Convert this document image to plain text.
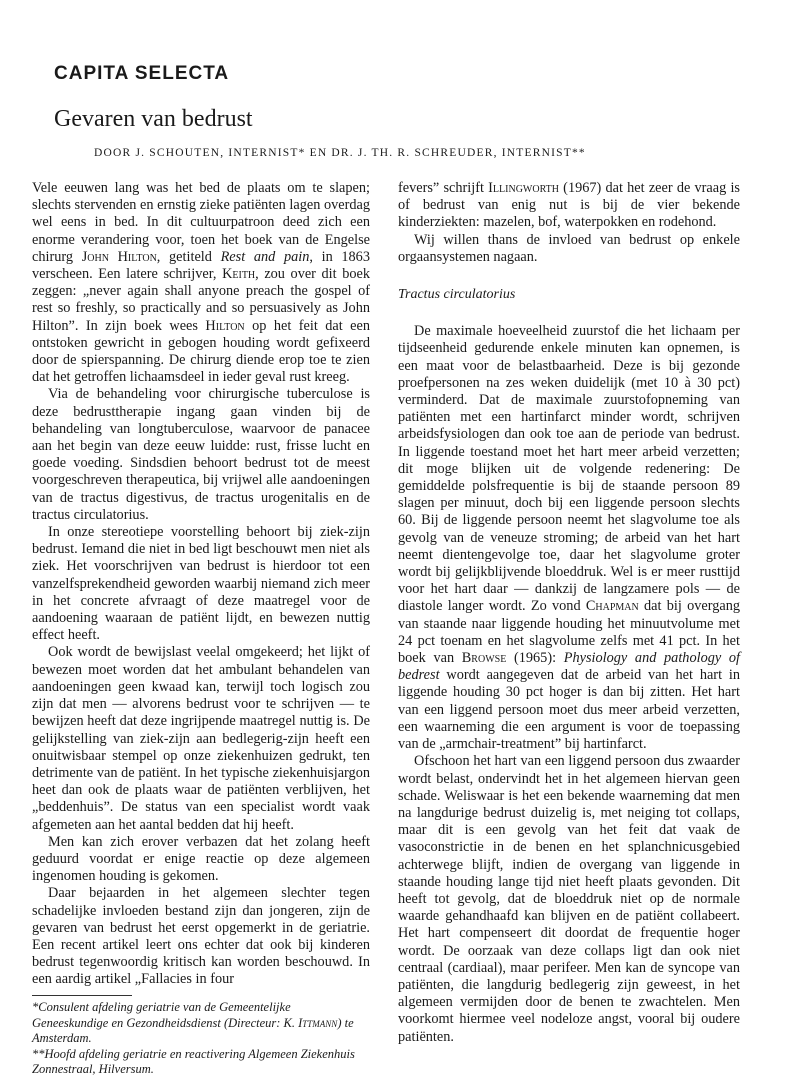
CAPITA SELECTA
Gevaren van bedrust

DOOR J. SCHOUTEN, INTERNIST* EN DR. J. TH. R. SCHREUDER, INTERNIST**

Vele eeuwen lang was het bed de plaats om te slapen; slechts stervenden en ernstig zieke patiënten lagen overdag wel eens in bed. In dit cultuurpatroon deed zich een enorme verandering voor, toen het boek van de Engelse chirurg John Hilton, getiteld Rest and pain, in 1863 verscheen. Een latere schrijver, Keith, zou over dit boek zeggen: „never again shall anyone preach the gospel of rest so freshly, so practically and so persuasively as John Hilton”. In zijn boek wees Hilton op het feit dat een ontstoken gewricht in gebogen houding wordt gefixeerd door de spierspanning. De chirurg diende erop toe te zien dat het getroffen lichaamsdeel in ieder geval rust kreeg.

Via de behandeling voor chirurgische tuberculose is deze bedrusttherapie ingang gaan vinden bij de behandeling van longtuberculose, waarvoor de panacee aan het begin van deze eeuw luidde: rust, frisse lucht en goede voeding. Sindsdien behoort bedrust tot de meest voorgeschreven therapeutica, bij vrijwel alle aandoeningen van de tractus digestivus, de tractus urogenitalis en de tractus circulatorius.

In onze stereotiepe voorstelling behoort bij ziek-zijn bedrust. Iemand die niet in bed ligt beschouwt men niet als ziek. Het voorschrijven van bedrust is hierdoor tot een vanzelfsprekendheid geworden waarbij niemand zich meer in het concrete afvraagt of deze maatregel voor de aandoening waaraan de patiënt lijdt, en bewezen nuttig effect heeft.

Ook wordt de bewijslast veelal omgekeerd; het lijkt of bewezen moet worden dat het ambulant behandelen van aandoeningen geen kwaad kan, terwijl toch logisch zou zijn dat men — alvorens bedrust voor te schrijven — te bewijzen heeft dat deze ingrijpende maatregel nuttig is. De gelijkstelling van ziek-zijn aan bedlegerig-zijn heeft een onuitwisbaar stempel op onze ziekenhuizen gedrukt, ten detrimente van de patiënt. In het typische ziekenhuisjargon heet dan ook de plaats waar de patiënten verblijven, het „beddenhuis”. De status van een specialist wordt vaak afgemeten aan het aantal bedden dat hij heeft.

Men kan zich erover verbazen dat het zolang heeft geduurd voordat er enige reactie op deze algemeen ingenomen houding is gekomen.

Daar bejaarden in het algemeen slechter tegen schadelijke invloeden bestand zijn dan jongeren, zijn de gevaren van bedrust het eerst opgemerkt in de geriatrie. Een recent artikel leert ons echter dat ook bij kinderen bedrust tegenwoordig kritisch kan worden beschouwd. In een aardig artikel „Fallacies in four

*Consulent afdeling geriatrie van de Gemeentelijke Geneeskundige en Gezondheidsdienst (Directeur: K. Ittmann) te Amsterdam.

**Hoofd afdeling geriatrie en reactivering Algemeen Ziekenhuis Zonnestraal, Hilversum.

fevers” schrijft Illingworth (1967) dat het zeer de vraag is of bedrust van enig nut is bij de vier bekende kinderziekten: mazelen, bof, waterpokken en rodehond.

Wij willen thans de invloed van bedrust op enkele orgaansystemen nagaan.

Tractus circulatorius

De maximale hoeveelheid zuurstof die het lichaam per tijdseenheid gedurende enkele minuten kan opnemen, is een maat voor de belastbaarheid. Deze is bij gezonde proefpersonen na zes weken duidelijk (met 10 à 30 pct) verminderd. Dat de maximale zuurstofopneming van patiënten met een hartinfarct minder wordt, schrijven arbeidsfysiologen dan ook toe aan de periode van bedrust. In liggende toestand moet het hart meer arbeid verzetten; dit moge blijken uit de volgende redenering: De gemiddelde polsfrequentie is bij de staande persoon 89 slagen per minuut, doch bij een liggende persoon slechts 60. Bij de liggende persoon neemt het slagvolume toe als gevolg van de veneuze stroming; de arbeid van het hart neemt dientengevolge toe, daar het slagvolume groter wordt bij gelijkblijvende bloeddruk. Wel is er meer rusttijd voor het hart daar — dankzij de langzamere pols — de diastole langer wordt. Zo vond Chapman dat bij overgang van staande naar liggende houding het minuutvolume met 24 pct toenam en het slagvolume zelfs met 41 pct. In het boek van Browse (1965): Physiology and pathology of bedrest wordt aangegeven dat de arbeid van het hart in liggende houding 30 pct hoger is dan bij zitten. Het hart van een liggend persoon moet dus meer arbeid verzetten, een waarneming die een argument is voor de toepassing van de „armchair-treatment” bij hartinfarct.

Ofschoon het hart van een liggend persoon dus zwaarder wordt belast, ondervindt het in het algemeen hiervan geen schade. Weliswaar is het een bekende waarneming dat men na langdurige bedrust duizelig is, met neiging tot collaps, maar dit is een gevolg van het feit dat vaak de vasoconstrictie in de benen en het splanchnicusgebied achterwege blijft, indien de overgang van liggende in staande houding lange tijd niet heeft plaats gevonden. Dit heeft tot gevolg, dat de bloeddruk niet op de normale waarde gehandhaafd kan blijven en de patiënt collabeert. Het hart compenseert dit doordat de frequentie hoger wordt. De oorzaak van deze collaps ligt dan ook niet centraal (cardiaal), maar perifeer. Men kan de syncope van patiënten, die langdurig bedlegerig zijn geweest, in het algemeen vermijden door de benen te zwachtelen. Men voorkomt hiermee veel nodeloze angst, vooral bij oudere patiënten.
